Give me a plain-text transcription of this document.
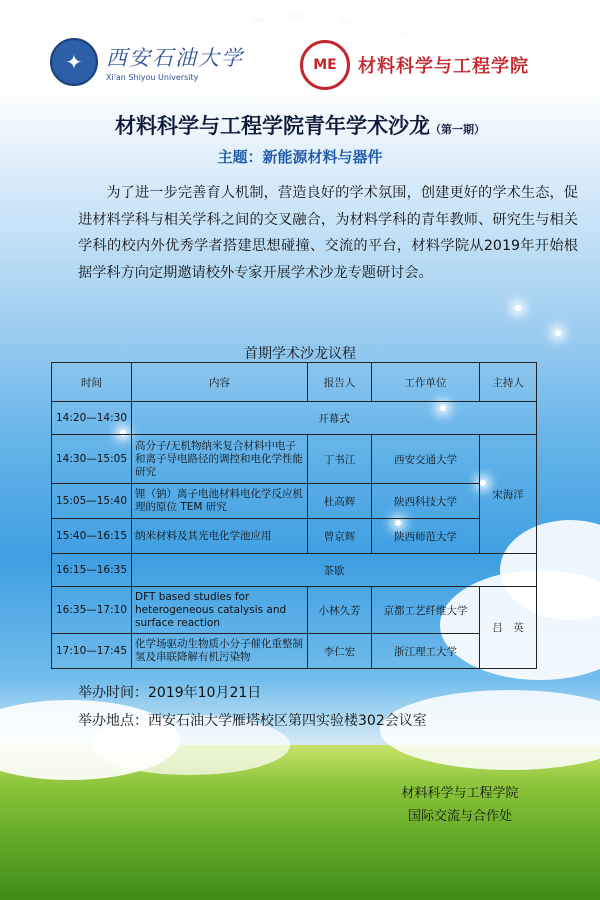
︶ ︶	︶
︶
✦	西安石油大学
Xi'an Shiyou University
ME	材料科学与工程学院
材料科学与工程学院青年学术沙龙（第一期）
主题：新能源材料与器件
为了进一步完善育人机制，营造良好的学术氛围，创建更好的学术生态，促进材料学科与相关学科之间的交叉融合，为材料学科的青年教师、研究生与相关学科的校内外优秀学者搭建思想碰撞、交流的平台，材料学院从2019年开始根据学科方向定期邀请校外专家开展学术沙龙专题研讨会。
首期学术沙龙议程
时间	内容	报告人	工作单位	主持人
14:20—14:30	开幕式			
14:30—15:05	高分子/无机物纳米复合材料中电子和离子导电路径的调控和电化学性能研究	丁书江	西安交通大学	宋海洋
15:05—15:40	锂（钠）离子电池材料电化学反应机理的原位 TEM 研究	杜高辉	陕西科技大学	
15:40—16:15	纳米材料及其光电化学池应用	曾京辉	陕西师范大学	
16:15—16:35	茶歇			
16:35—17:10	DFT based studies for heterogeneous catalysis and surface reaction	小林久芳	京都工艺纤维大学	吕　英
17:10—17:45	化学场驱动生物质小分子催化重整制氢及串联降解有机污染物	李仁宏	浙江理工大学	
举办时间：2019年10月21日
举办地点：西安石油大学雁塔校区第四实验楼302会议室
材料科学与工程学院
国际交流与合作处
